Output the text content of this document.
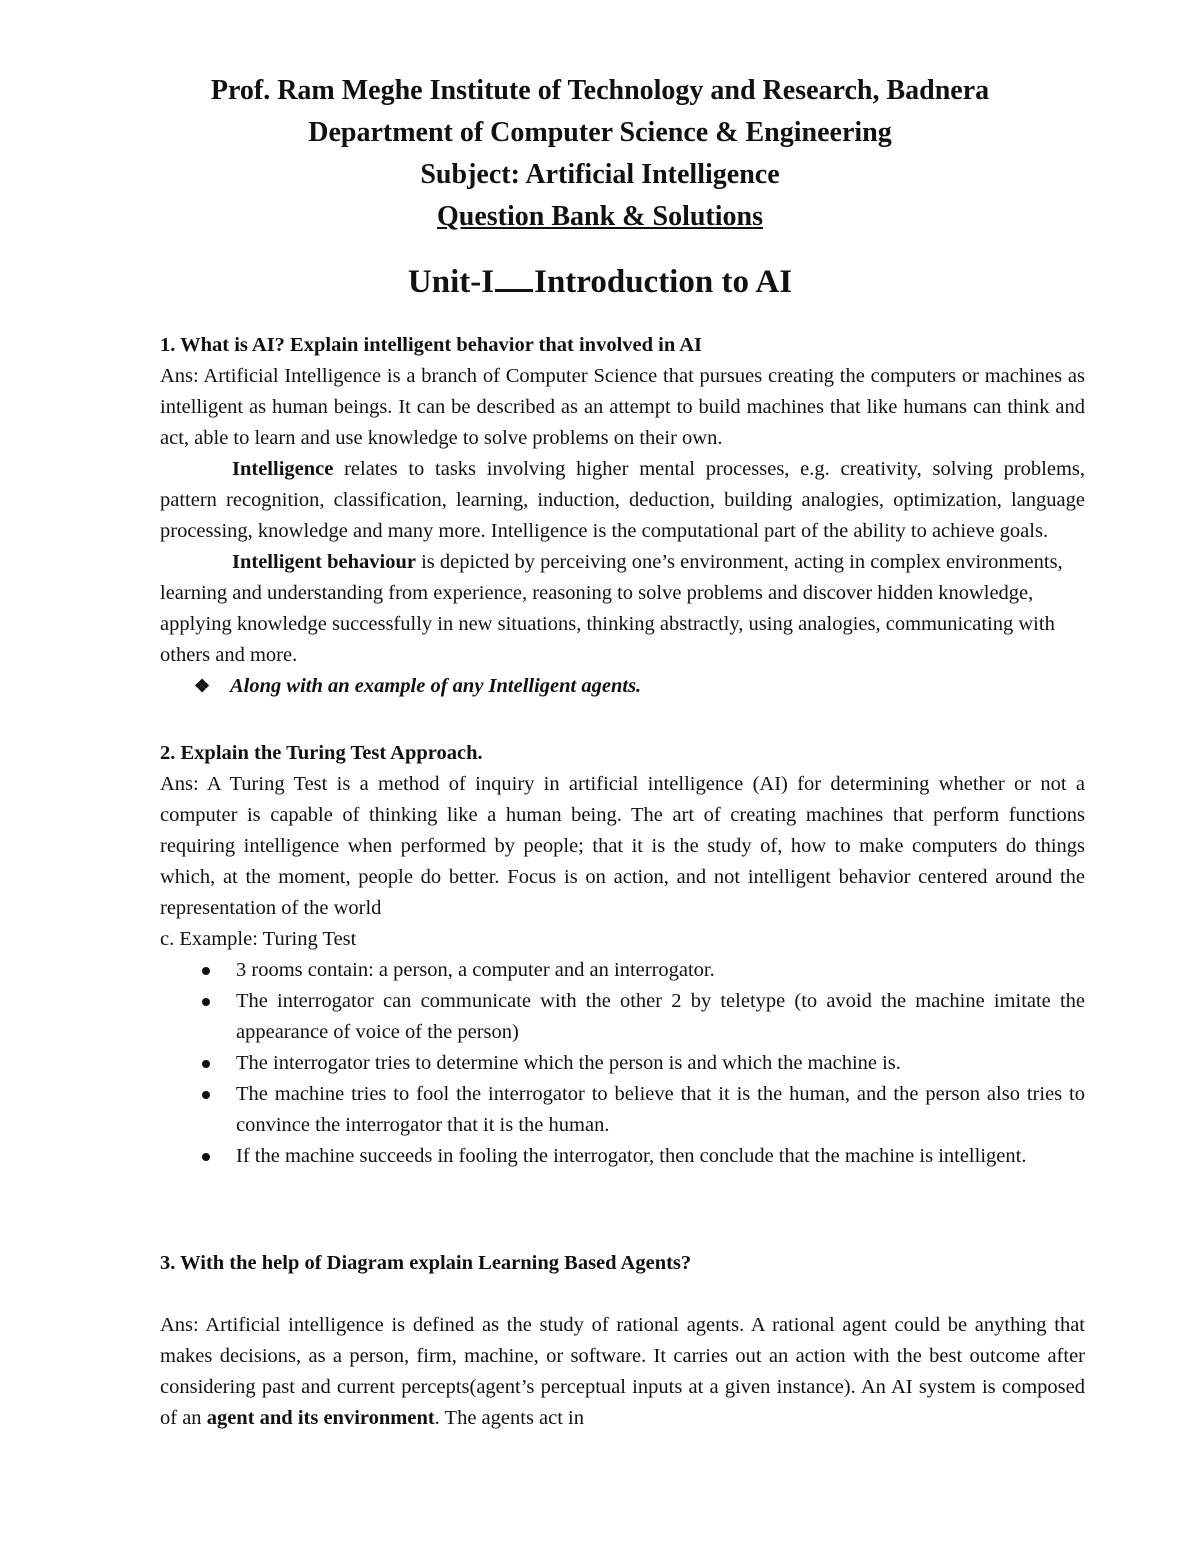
Prof. Ram Meghe Institute of Technology and Research, Badnera
Department of Computer Science & Engineering
Subject: Artificial Intelligence
Question Bank & Solutions
Unit-I Introduction to AI

1. What is AI? Explain intelligent behavior that involved in AI

Ans: Artificial Intelligence is a branch of Computer Science that pursues creating the computers or machines as intelligent as human beings. It can be described as an attempt to build machines that like humans can think and act, able to learn and use knowledge to solve problems on their own.

Intelligence relates to tasks involving higher mental processes, e.g. creativity, solving problems, pattern recognition, classification, learning, induction, deduction, building analogies, optimization, language processing, knowledge and many more. Intelligence is the computational part of the ability to achieve goals.

Intelligent behaviour is depicted by perceiving one’s environment, acting in complex environments, learning and understanding from experience, reasoning to solve problems and discover hidden knowledge, applying knowledge successfully in new situations, thinking abstractly, using analogies, communicating with others and more.

❖ Along with an example of any Intelligent agents.

2. Explain the Turing Test Approach.

Ans: A Turing Test is a method of inquiry in artificial intelligence (AI) for determining whether or not a computer is capable of thinking like a human being. The art of creating machines that perform functions requiring intelligence when performed by people; that it is the study of, how to make computers do things which, at the moment, people do better. Focus is on action, and not intelligent behavior centered around the representation of the world

c. Example: Turing Test

3 rooms contain: a person, a computer and an interrogator.
The interrogator can communicate with the other 2 by teletype (to avoid the machine imitate the appearance of voice of the person)
The interrogator tries to determine which the person is and which the machine is.
The machine tries to fool the interrogator to believe that it is the human, and the person also tries to convince the interrogator that it is the human.
If the machine succeeds in fooling the interrogator, then conclude that the machine is intelligent.

3. With the help of Diagram explain Learning Based Agents?

Ans: Artificial intelligence is defined as the study of rational agents. A rational agent could be anything that makes decisions, as a person, firm, machine, or software. It carries out an action with the best outcome after considering past and current percepts(agent’s perceptual inputs at a given instance). An AI system is composed of an agent and its environment. The agents act in
